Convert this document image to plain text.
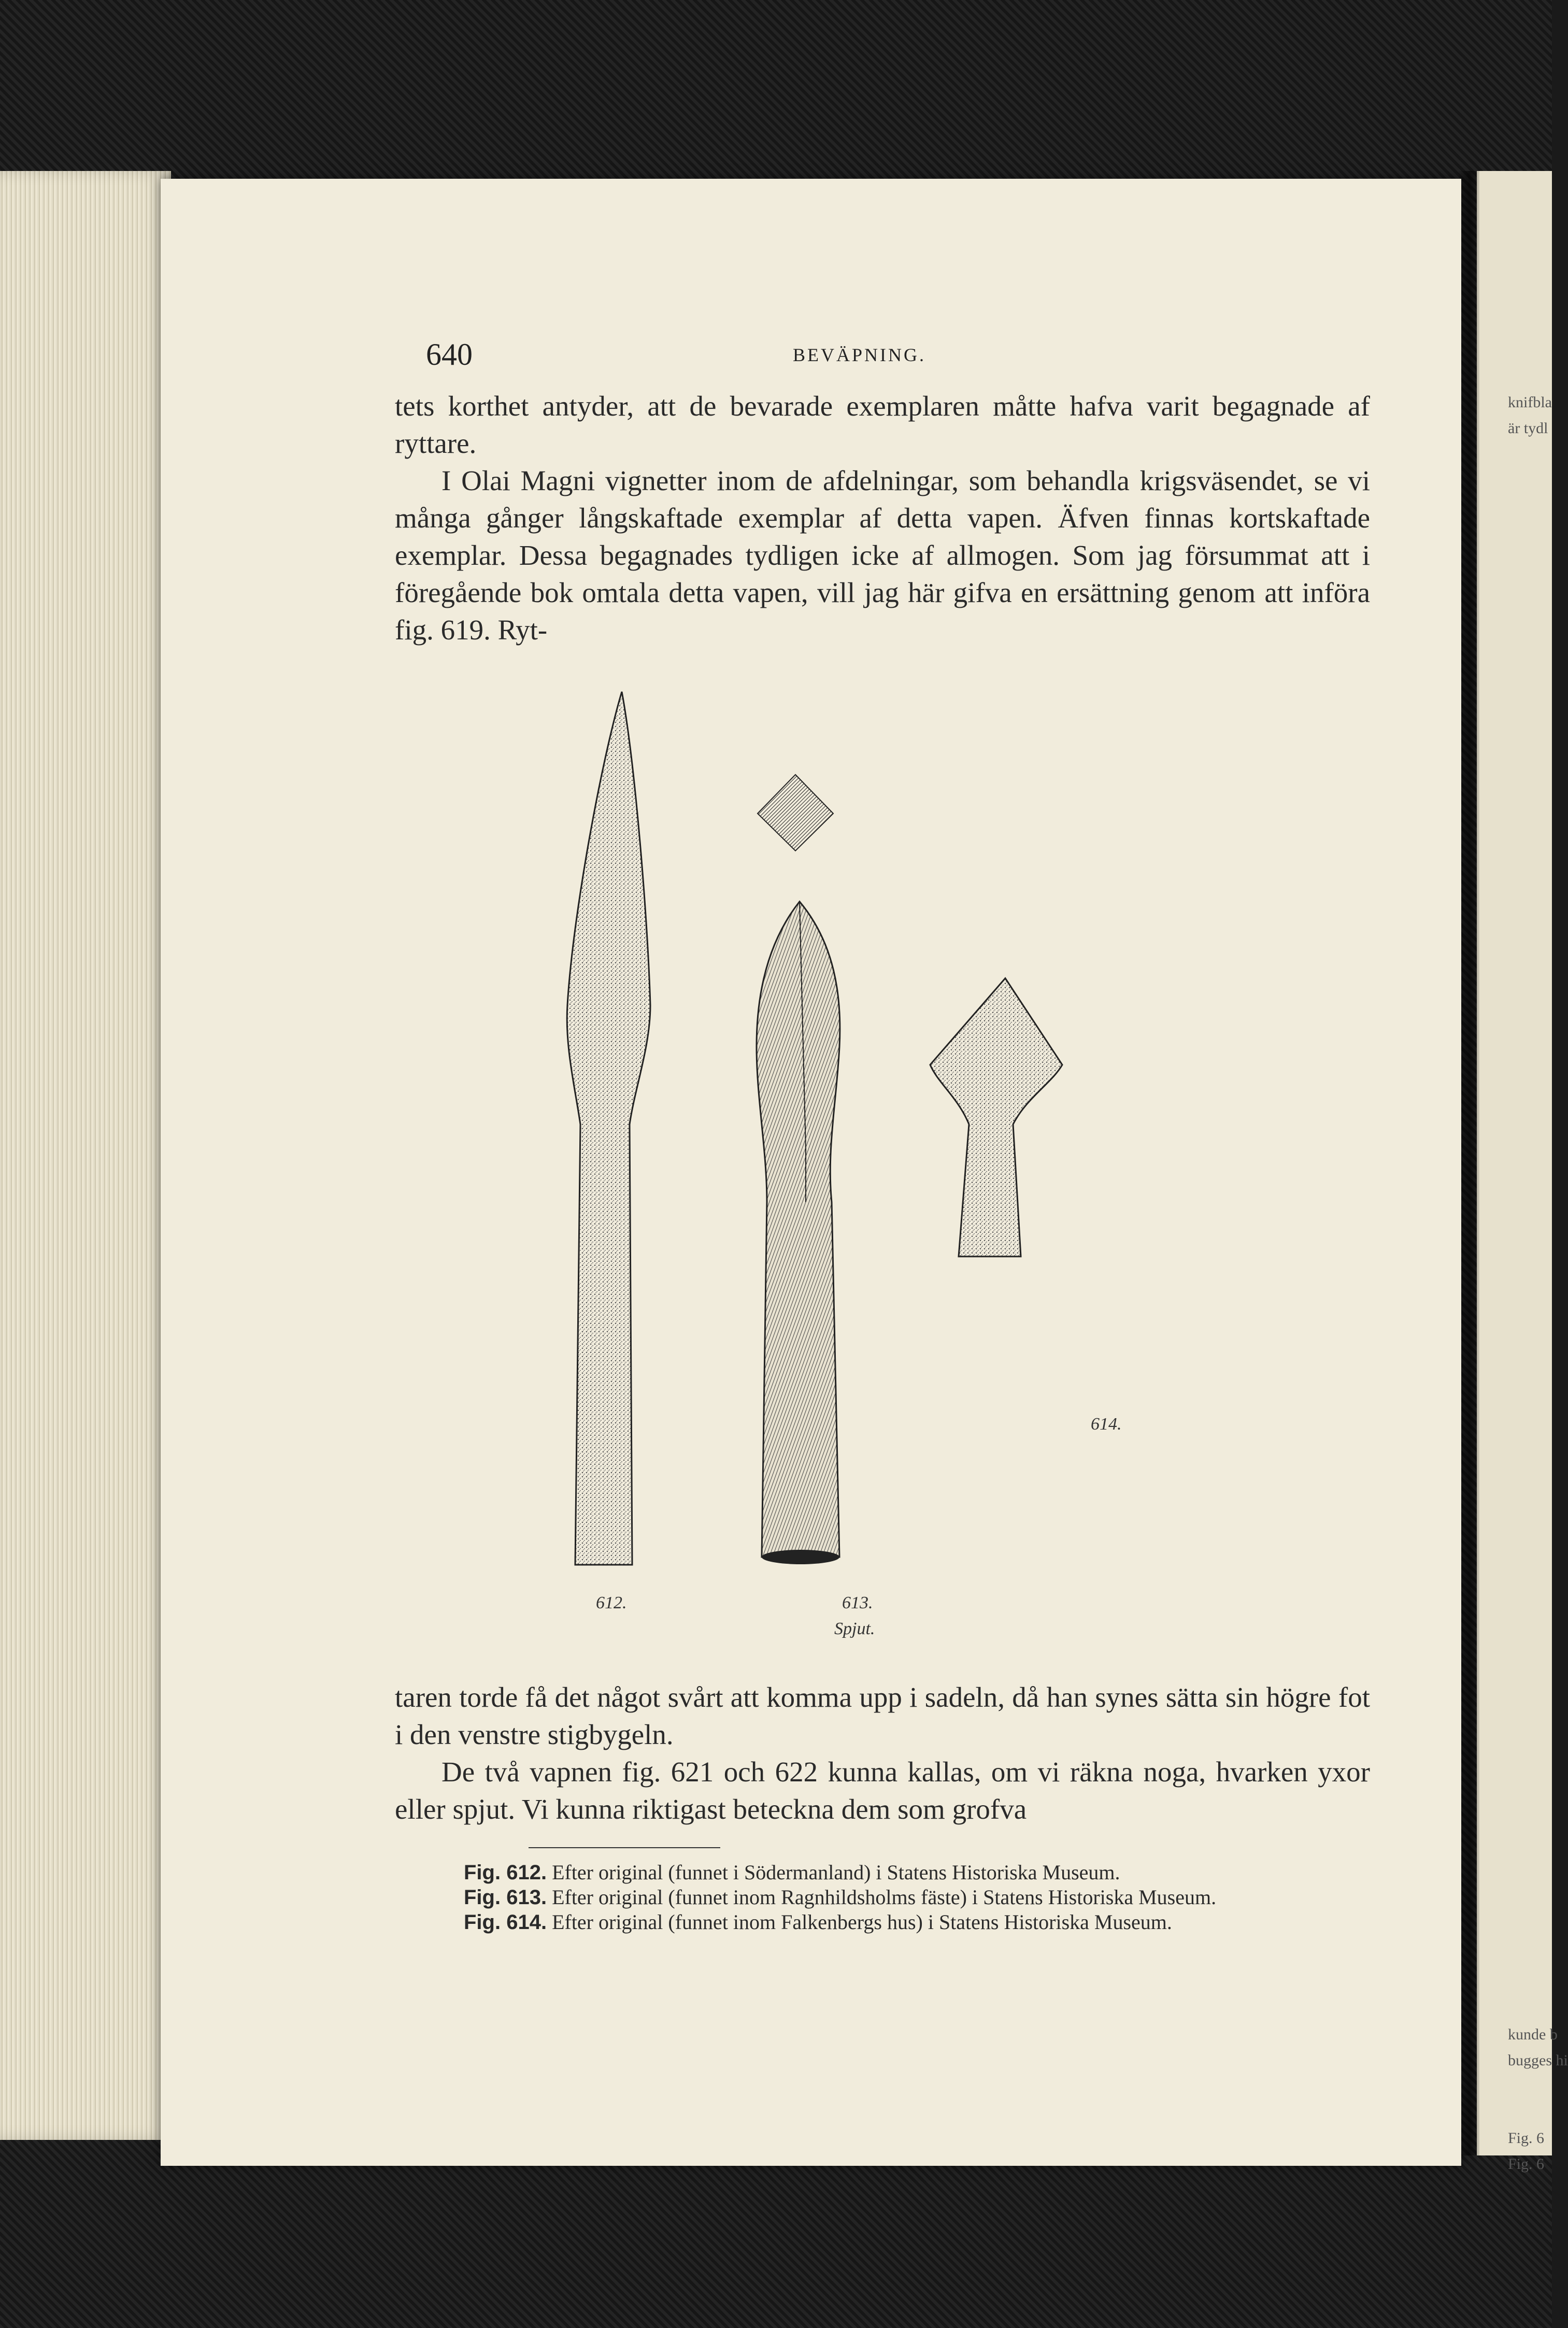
knifbla
är tydl
kunde b
bugges hi
Fig. 6
Fig. 6
640	BEVÄPNING.

tets korthet antyder, att de bevarade exemplaren måtte hafva varit begagnade af ryttare.

I Olai Magni vignetter inom de afdelningar, som behandla krigsväsendet, se vi många gånger långskaftade exemplar af detta vapen. Äfven finnas kortskaftade exemplar. Dessa begagnades tydligen icke af allmogen. Som jag försummat att i föregående bok omtala detta vapen, vill jag här gifva en ersättning genom att införa fig. 619. Ryt-

612.	613.
Spjut.
614.

taren torde få det något svårt att komma upp i sadeln, då han synes sätta sin högre fot i den venstre stigbygeln.

De två vapnen fig. 621 och 622 kunna kallas, om vi räkna noga, hvarken yxor eller spjut. Vi kunna riktigast beteckna dem som grofva

Fig. 612. Efter original (funnet i Södermanland) i Statens Historiska Museum.

Fig. 613. Efter original (funnet inom Ragnhildsholms fäste) i Statens Historiska Museum.

Fig. 614. Efter original (funnet inom Falkenbergs hus) i Statens Historiska Museum.
